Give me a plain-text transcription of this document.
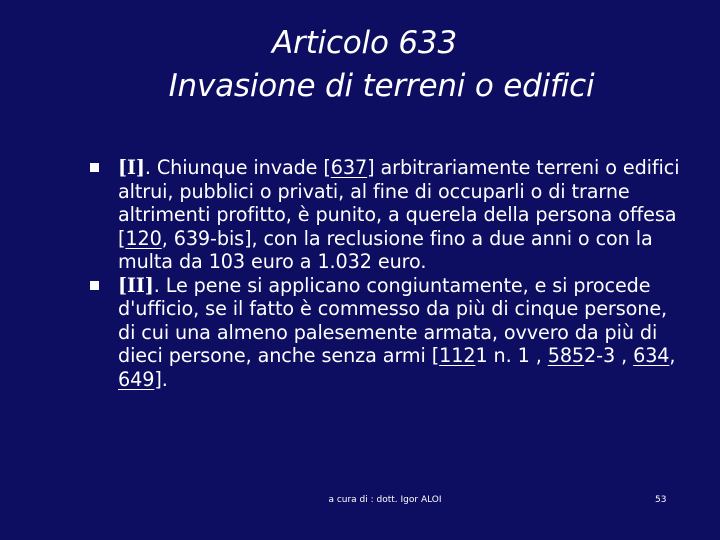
Articolo 633
Invasione di terreni o edifici
[I]. Chiunque invade [637] arbitrariamente terreni o edifici altrui, pubblici o privati, al fine di occuparli o di trarne altrimenti profitto, è punito, a querela della persona offesa [120, 639-bis], con la reclusione fino a due anni o con la multa da 103 euro a 1.032 euro.
[II]. Le pene si applicano congiuntamente, e si procede d'ufficio, se il fatto è commesso da più di cinque persone, di cui una almeno palesemente armata, ovvero da più di dieci persone, anche senza armi [1121 n. 1 , 5852-3 , 634, 649].
a cura di : dott. Igor ALOI	53
